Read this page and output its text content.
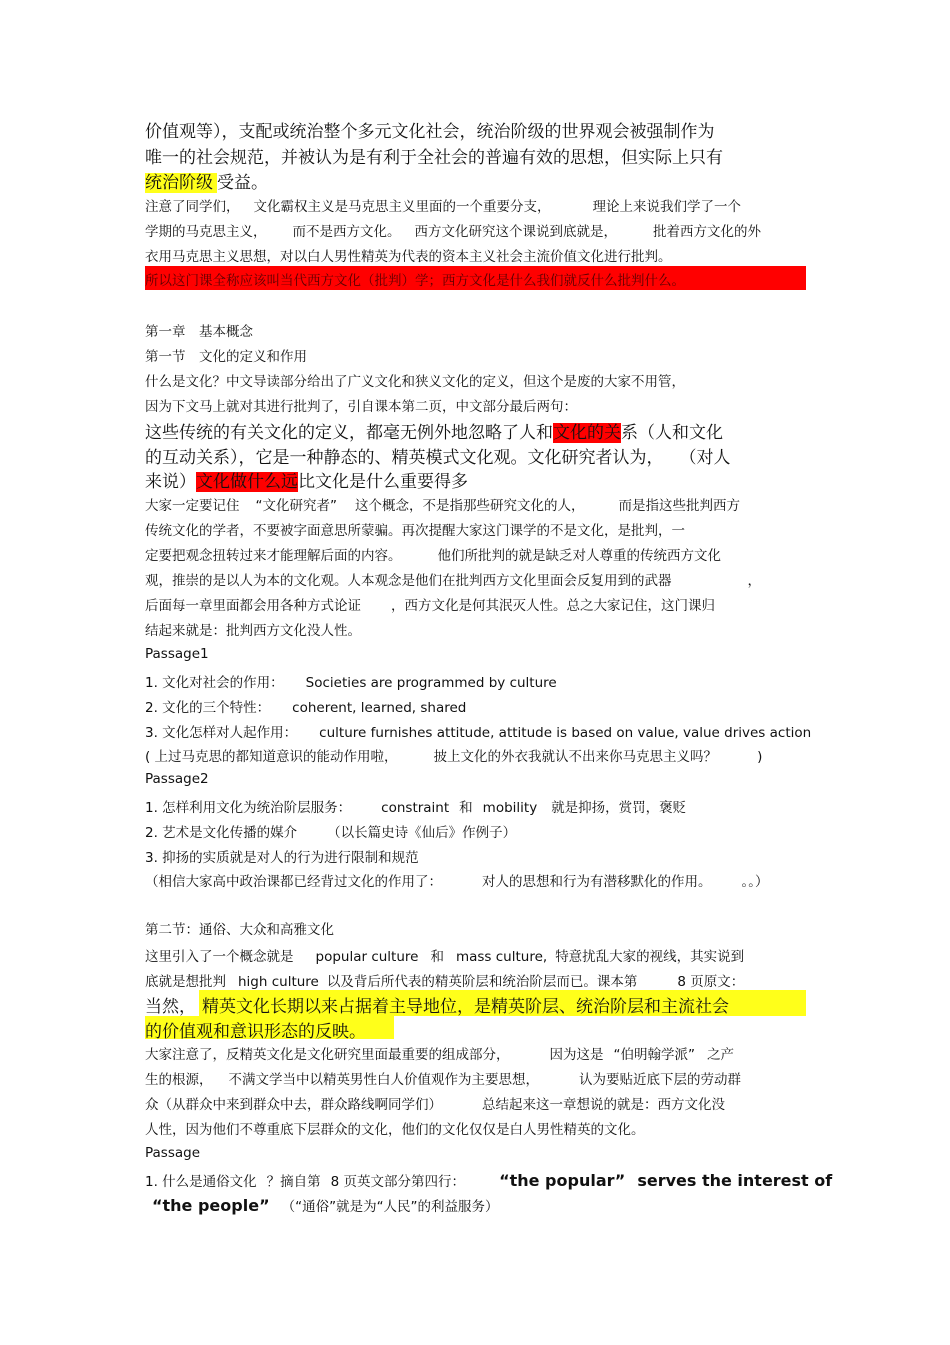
价值观等），支配或统治整个多元文化社会，统治阶级的世界观会被强制作为
唯一的社会规范，并被认为是有利于全社会的普遍有效的思想，但实际上只有
统治阶级 受益。
注意了同学们， 文化霸权主义是马克思主义里面的一个重要分支，	理论上来说我们学了一个
学期的马克思主义， 而不是西方文化。 西方文化研究这个课说到底就是，	批着西方文化的外
衣用马克思主义思想，对以白人男性精英为代表的资本主义社会主流价值文化进行批判。
所以这门课全称应该叫当代西方文化（批判）学；西方文化是什么我们就反什么批判什么。
第一章　基本概念
第一节　文化的定义和作用
什么是文化？中文导读部分给出了广义文化和狭义文化的定义，但这个是废的大家不用管，
因为下文马上就对其进行批判了，引自课本第二页，中文部分最后两句：
这些传统的有关文化的定义，都毫无例外地忽略了人和文化的关系（人和文化
的互动关系），它是一种静态的、精英模式文化观。文化研究者认为， （对人
来说）文化做什么远比文化是什么重要得多
大家一定要记住 “文化研究者” 这个概念，不是指那些研究文化的人，	而是指这些批判西方
传统文化的学者，不要被字面意思所蒙骗。再次提醒大家这门课学的不是文化，是批判，一
定要把观念扭转过来才能理解后面的内容。	他们所批判的就是缺乏对人尊重的传统西方文化
观，推崇的是以人为本的文化观。人本观念是他们在批判西方文化里面会反复用到的武器	，
后面每一章里面都会用各种方式论证 ，西方文化是何其泯灭人性。总之大家记住，这门课归
结起来就是：批判西方文化没人性。
Passage1
1. 文化对社会的作用： Societies are programmed by culture
2. 文化的三个特性： coherent, learned, shared
3. 文化怎样对人起作用： culture furnishes attitude, attitude is based on value, value drives action
( 上过马克思的都知道意识的能动作用啦，	披上文化的外衣我就认不出来你马克思主义吗？	)
Passage2
1. 怎样利用文化为统治阶层服务： constraint 和 mobility 就是抑扬，赏罚，褒贬
2. 艺术是文化传播的媒介 （以长篇史诗《仙后》作例子）
3. 抑扬的实质就是对人的行为进行限制和规范
（相信大家高中政治课都已经背过文化的作用了：	对人的思想和行为有潜移默化的作用。 。。）
第二节：通俗、大众和高雅文化
这里引入了一个概念就是 popular culture 和 mass culture, 特意扰乱大家的视线，其实说到
底就是想批判 high culture 以及背后所代表的精英阶层和统治阶层而已。课本第	8 页原文：
当然， 精英文化长期以来占据着主导地位，是精英阶层、统治阶层和主流社会
的价值观和意识形态的反映。
大家注意了，反精英文化是文化研究里面最重要的组成部分，	因为这是 “伯明翰学派” 之产
生的根源， 不满文学当中以精英男性白人价值观作为主要思想，	认为要贴近底下层的劳动群
众（从群众中来到群众中去，群众路线啊同学们）	总结起来这一章想说的就是：西方文化没
人性，因为他们不尊重底下层群众的文化，他们的文化仅仅是白人男性精英的文化。
Passage
1. 什么是通俗文化 ？摘自第 8 页英文部分第四行： “the popular” serves the interest of
“the people” （“通俗”就是为“人民”的利益服务）
